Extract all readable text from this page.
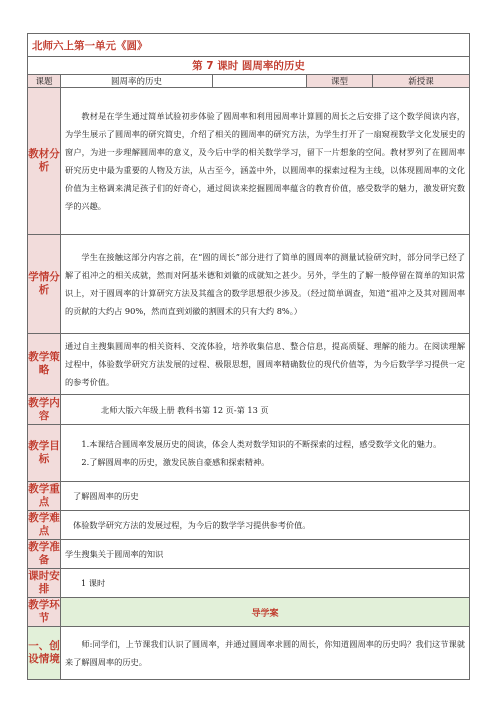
北师六上第一单元《圆》				
第 7 课时 圆周率的历史				
课题	圆周率的历史		课型	新授课
教材分析	教材是在学生通过简单试验初步体验了圆周率和利用园周率计算圆的周长之后安排了这个数学阅读内容，为学生展示了圆周率的研究简史，介绍了相关的圆周率的研究方法，为学生打开了一扇窥视数学文化发展史的窗户，为进一步理解圆周率的意义，及今后中学的相关数学学习，留下一片想象的空间。教材罗列了在圆周率研究历史中最为重要的人物及方法，从古至今，涵盖中外，以圆周率的探索过程为主线，以体现圆周率的文化价值为主格调来满足孩子们的好奇心，通过阅读来挖掘圆周率蕴含的教育价值，感受数学的魅力，激发研究数学的兴趣。			
学情分析	学生在接触这部分内容之前，在“圆的周长”部分进行了简单的圆周率的测量试验研究时，部分同学已经了解了祖冲之的相关成就，然而对阿基米德和刘徽的成就知之甚少。另外，学生的了解一般停留在简单的知识常识上，对于圆周率的计算研究方法及其蕴含的数学思想很少涉及。（经过简单调查，知道“祖冲之及其对圆周率的贡献的大约占 90%，然而直到刘徽的割圆术的只有大约 8%。）			
教学策略	通过自主搜集圆周率的相关资料、交流体验，培养收集信息、整合信息，提高质疑、理解的能力。在阅读理解过程中，体验数学研究方法发展的过程、极限思想，圆周率精确数位的现代价值等，为今后数学学习提供一定的参考价值。			
教学内容	北师大版六年级上册 教科书第 12 页-第 13 页			
教学目标	1.本课结合圆周率发展历史的阅读，体会人类对数学知识的不断探索的过程，感受数学文化的魅力。

2.了解圆周率的历史，激发民族自豪感和探索精神。			

教学重点	了解圆周率的历史			
教学难点	体验数学研究方法的发展过程，为今后的数学学习提供参考价值。			
教学准备	学生搜集关于圆周率的知识			
课时安排	1 课时			
教学环节	导学案			
一、创设情境	师:同学们，上节课我们认识了圆周率，并通过圆周率求圆的周长，你知道圆周率的历史吗？我们这节课就来了解圆周率的历史。			
